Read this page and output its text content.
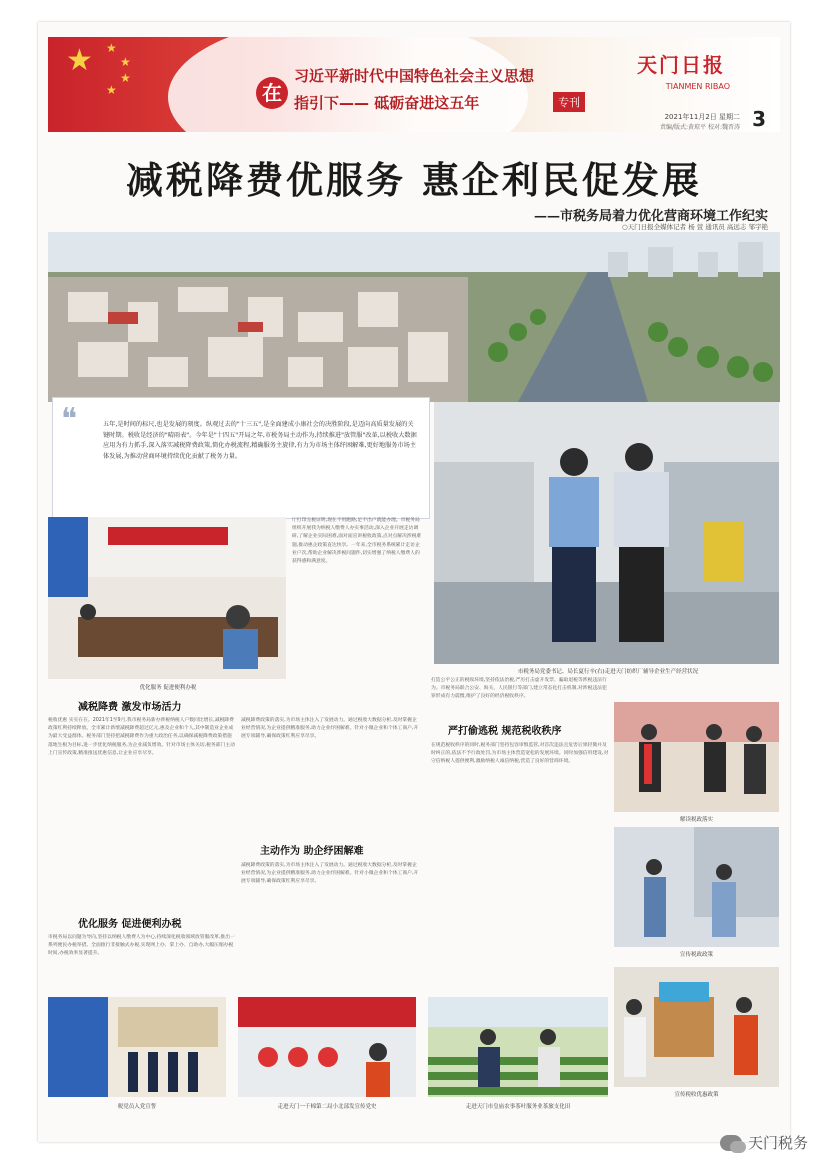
★ ★
★
★
★	在
习近平新时代中国特色社会主义思想
指引下—— 砥砺奋进这五年	专刊
天门日报
TIANMEN RIBAO
2021年11月2日 星期二
责编/版式:黄琼平 校对:魏晋涛 3
减税降费优服务 惠企利民促发展
——市税务局着力优化营商环境工作纪实
○天门日报全媒体记者 杨 萱 通讯员 高远志 邹宇艳
❝	五年,是时间的标尺,也是发展的刻度。纵观过去的"十三五",是全面建成小康社会的决胜阶段,是迈向高质量发展的关键时期。税收是经济的"晴雨表"。今年是"十四五"开局之年,市税务局主动作为,持续推进"放管服"改革,以税收大数据应用为有力抓手,深入落实减税降费政策,简化办税流程,精确服务主旋律,有力为市场主体纾困解难,更好地服务市场主体发展,为推动营商环境持续优化贡献了税务力量。

优化服务 促进便利办税
市税务局党委书记、局长夏行辛(右)走进天门纺织厂辅导企业生产经营状况
解读税政落实
宣传税政政策
宣传税收优惠政策
税党员入党宣誓	走进天门一千棉第二局小北部发宣传党史	走进天门市皇庙农事茶叶服务业茶旅支化田
减税降费 激发市场活力
税收优惠 实实在在。2021年1至9月,我市税务局新办涉税纳税人户数同比增长,减税降费政策红利持续释放。全市累计新增减税降费超过亿元,惠及企业和个人,其中制造业企业成为最大受益群体。税务部门坚持把减税降费作为重大政治任务,以确保减税降费政策措施落地生根为目标,进一步优化纳税服务,为企业减负增效。针对市场主体关切,税务部门主动上门宣传政策,精准推送优惠信息,让企业应享尽享。
减税降费政策的落实,为市场主体注入了发展动力。通过税收大数据分析,及时掌握企业经营情况,为企业提供精准服务,助力企业纾困解难。针对小微企业和个体工商户,开展专项辅导,确保政策红利应享尽享。
优化服务 促进便利办税
市税务局以问题为导向,坚持以纳税人缴费人为中心,持续深化税收领域放管服改革,推出一系列便民办税举措。全面推行非接触式办税,实现网上办、掌上办、自助办,大幅压缩办税时间,办税效率显著提升。
厅打印完税证明,现在不用跑路,足不出户就能办理。市税务局组织开展我为纳税人缴费人办实事活动,深入企业开展走访调研,了解企业实际困难,面对面宣讲税收政策,点对点解决涉税难题,推动惠企政策直达快享。一年来,全市税务系统累计走访企业户次,帮助企业解决涉税问题件,切实增强了纳税人缴费人的获得感和满意度。
主动作为 助企纾困解难
减税降费政策的落实,为市场主体注入了发展动力。通过税收大数据分析,及时掌握企业经营情况,为企业提供精准服务,助力企业纾困解难。针对小微企业和个体工商户,开展专项辅导,确保政策红利应享尽享。
打造公平公正的税收环境,坚持依法治税,严厉打击虚开发票、骗取退税等涉税违法行为。市税务局联合公安、海关、人民银行等部门,建立常态化打击机制,对涉税违法犯罪形成有力震慑,维护了良好的经济税收秩序。
严打偷逃税 规范税收秩序
在规范税收秩序的同时,税务部门坚持包容审慎监管,对首次违法且危害后果轻微并及时纠正的,依法不予行政处罚,为市场主体营造宽松的发展环境。同时加强信用建设,对守信纳税人提供便利,激励纳税人诚信纳税,营造了良好的营商环境。
天门税务
